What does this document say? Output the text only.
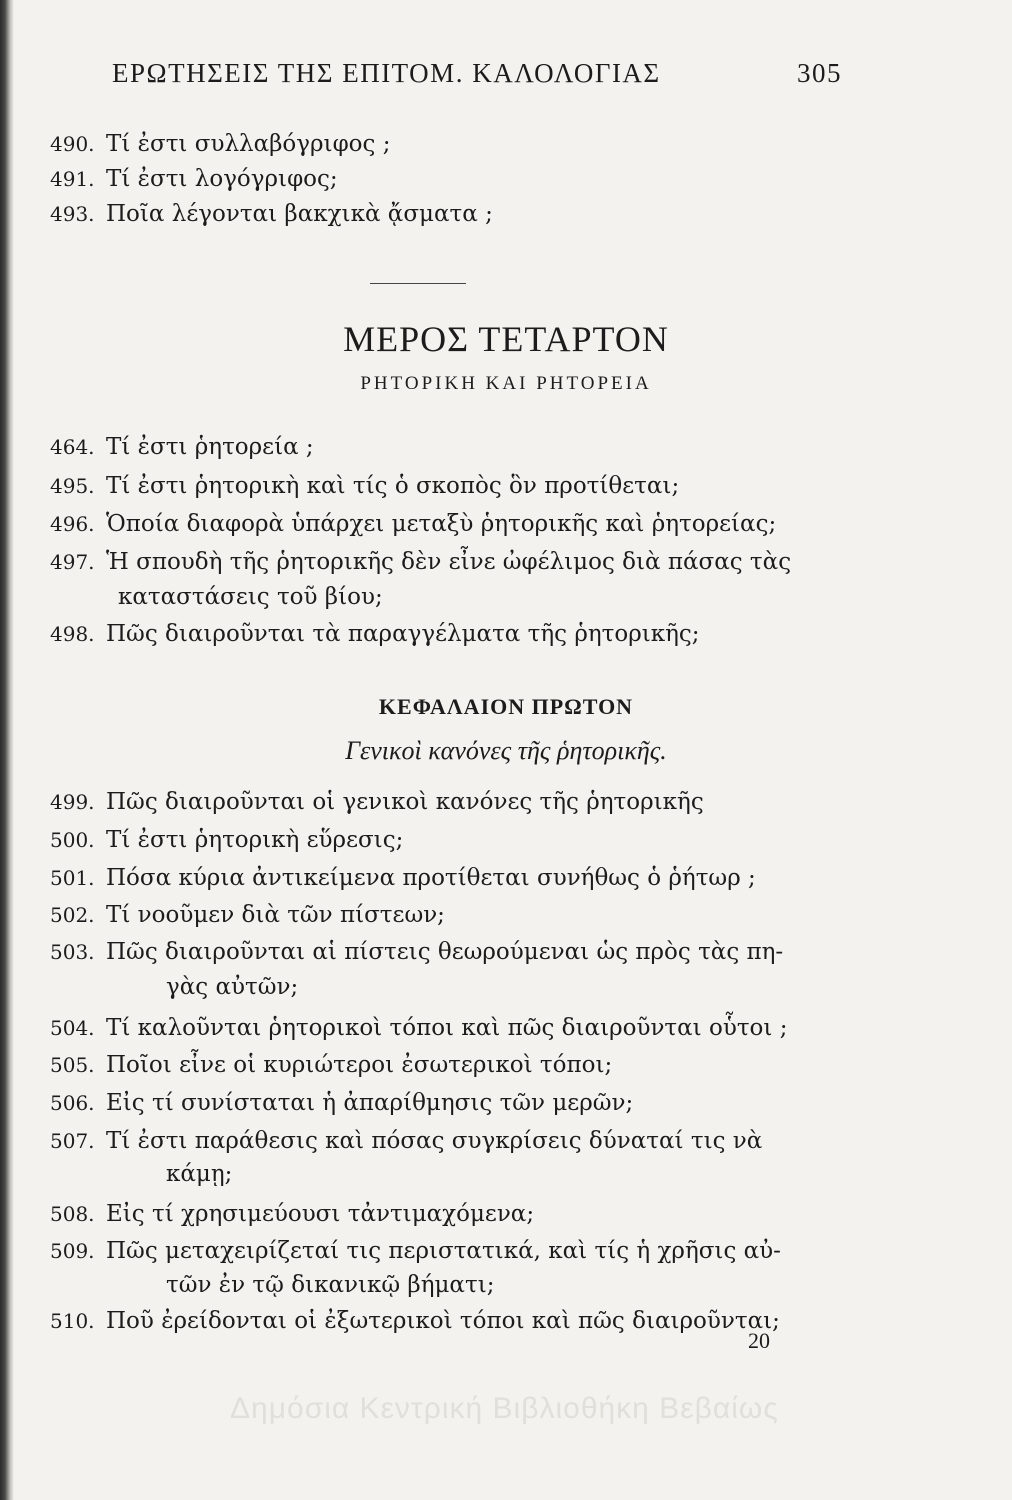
ΕΡΩΤΗΣΕΙΣ ΤΗΣ ΕΠΙΤΟΜ. ΚΑΛΟΛΟΓΙΑΣ	305
490. Τί ἐστι συλλαβόγριφος ;
491. Τί ἐστι λογόγριφος;
493. Ποῖα λέγονται βακχικὰ ᾄσματα ;
ΜΕΡΟΣ ΤΕΤΑΡΤΟΝ
ΡΗΤΟΡΙΚΗ ΚΑΙ ΡΗΤΟΡΕΙΑ
464. Τί ἐστι ῥητορεία ;
495. Τί ἐστι ῥητορικὴ καὶ τίς ὁ σκοπὸς ὃν προτίθεται;
496. Ὁποία διαφορὰ ὑπάρχει μεταξὺ ῥητορικῆς καὶ ῥητορείας;
497. Ἡ σπουδὴ τῆς ῥητορικῆς δὲν εἶνε ὠφέλιμος διὰ πάσας τὰς
καταστάσεις τοῦ βίου;
498. Πῶς διαιροῦνται τὰ παραγγέλματα τῆς ῥητορικῆς;
ΚΕΦΑΛΑΙΟΝ ΠΡΩΤΟΝ
Γενικοὶ κανόνες τῆς ῥητορικῆς.
499. Πῶς διαιροῦνται οἱ γενικοὶ κανόνες τῆς ῥητορικῆς
500. Τί ἐστι ῥητορικὴ εὕρεσις;
501. Πόσα κύρια ἀντικείμενα προτίθεται συνήθως ὁ ῥήτωρ ;
502. Τί νοοῦμεν διὰ τῶν πίστεων;
503. Πῶς διαιροῦνται αἱ πίστεις θεωρούμεναι ὡς πρὸς τὰς πη-
γὰς αὐτῶν;
504. Τί καλοῦνται ῥητορικοὶ τόποι καὶ πῶς διαιροῦνται οὗτοι ;
505. Ποῖοι εἶνε οἱ κυριώτεροι ἐσωτερικοὶ τόποι;
506. Εἰς τί συνίσταται ἡ ἀπαρίθμησις τῶν μερῶν;
507. Τί ἐστι παράθεσις καὶ πόσας συγκρίσεις δύναταί τις νὰ
κάμῃ;
508. Εἰς τί χρησιμεύουσι τἀντιμαχόμενα;
509. Πῶς μεταχειρίζεταί τις περιστατικά, καὶ τίς ἡ χρῆσις αὐ-
τῶν ἐν τῷ δικανικῷ βήματι;
510. Ποῦ ἐρείδονται οἱ ἐξωτερικοὶ τόποι καὶ πῶς διαιροῦνται;
20
Δημόσια Κεντρική Βιβλιοθήκη Βεβαίως
